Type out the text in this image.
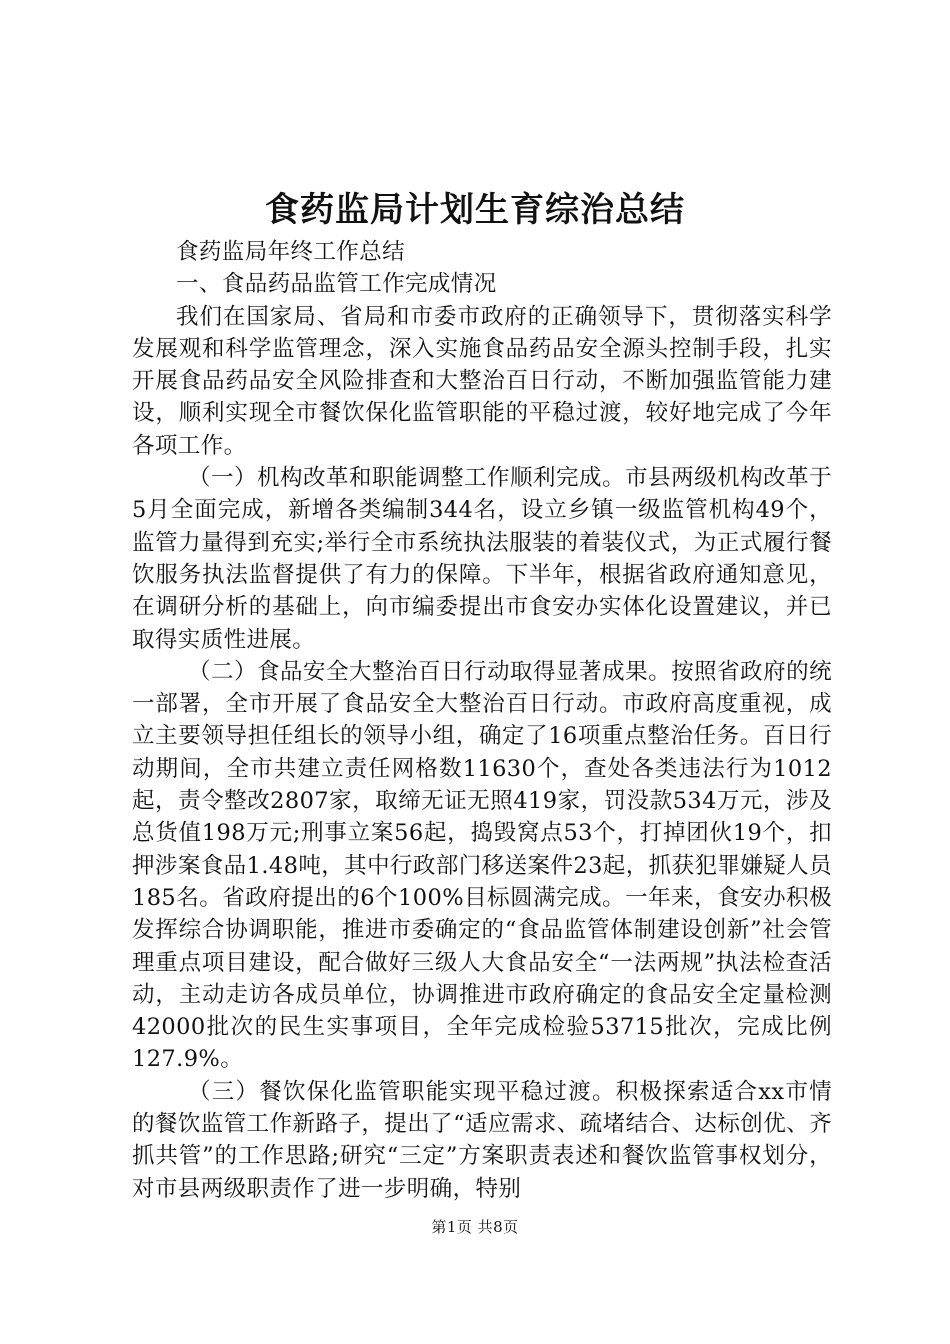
食药监局计划生育综治总结

食药监局年终工作总结

一、食品药品监管工作完成情况

我们在国家局、省局和市委市政府的正确领导下，贯彻落实科学发展观和科学监管理念，深入实施食品药品安全源头控制手段，扎实开展食品药品安全风险排查和大整治百日行动，不断加强监管能力建设，顺利实现全市餐饮保化监管职能的平稳过渡，较好地完成了今年各项工作。

（一）机构改革和职能调整工作顺利完成。市县两级机构改革于5月全面完成，新增各类编制344名，设立乡镇一级监管机构49个，监管力量得到充实;举行全市系统执法服装的着装仪式，为正式履行餐饮服务执法监督提供了有力的保障。下半年，根据省政府通知意见，在调研分析的基础上，向市编委提出市食安办实体化设置建议，并已取得实质性进展。

（二）食品安全大整治百日行动取得显著成果。按照省政府的统一部署，全市开展了食品安全大整治百日行动。市政府高度重视，成立主要领导担任组长的领导小组，确定了16项重点整治任务。百日行动期间，全市共建立责任网格数11630个，查处各类违法行为1012起，责令整改2807家，取缔无证无照419家，罚没款534万元，涉及总货值198万元;刑事立案56起，捣毁窝点53个，打掉团伙19个，扣押涉案食品1.48吨，其中行政部门移送案件23起，抓获犯罪嫌疑人员185名。省政府提出的6个100%目标圆满完成。一年来，食安办积极发挥综合协调职能，推进市委确定的“食品监管体制建设创新”社会管理重点项目建设，配合做好三级人大食品安全“一法两规”执法检查活动，主动走访各成员单位，协调推进市政府确定的食品安全定量检测42000批次的民生实事项目，全年完成检验53715批次，完成比例127.9%。

（三）餐饮保化监管职能实现平稳过渡。积极探索适合xx市情的餐饮监管工作新路子，提出了“适应需求、疏堵结合、达标创优、齐抓共管”的工作思路;研究“三定”方案职责表述和餐饮监管事权划分，对市县两级职责作了进一步明确，特别

第1页 共8页
